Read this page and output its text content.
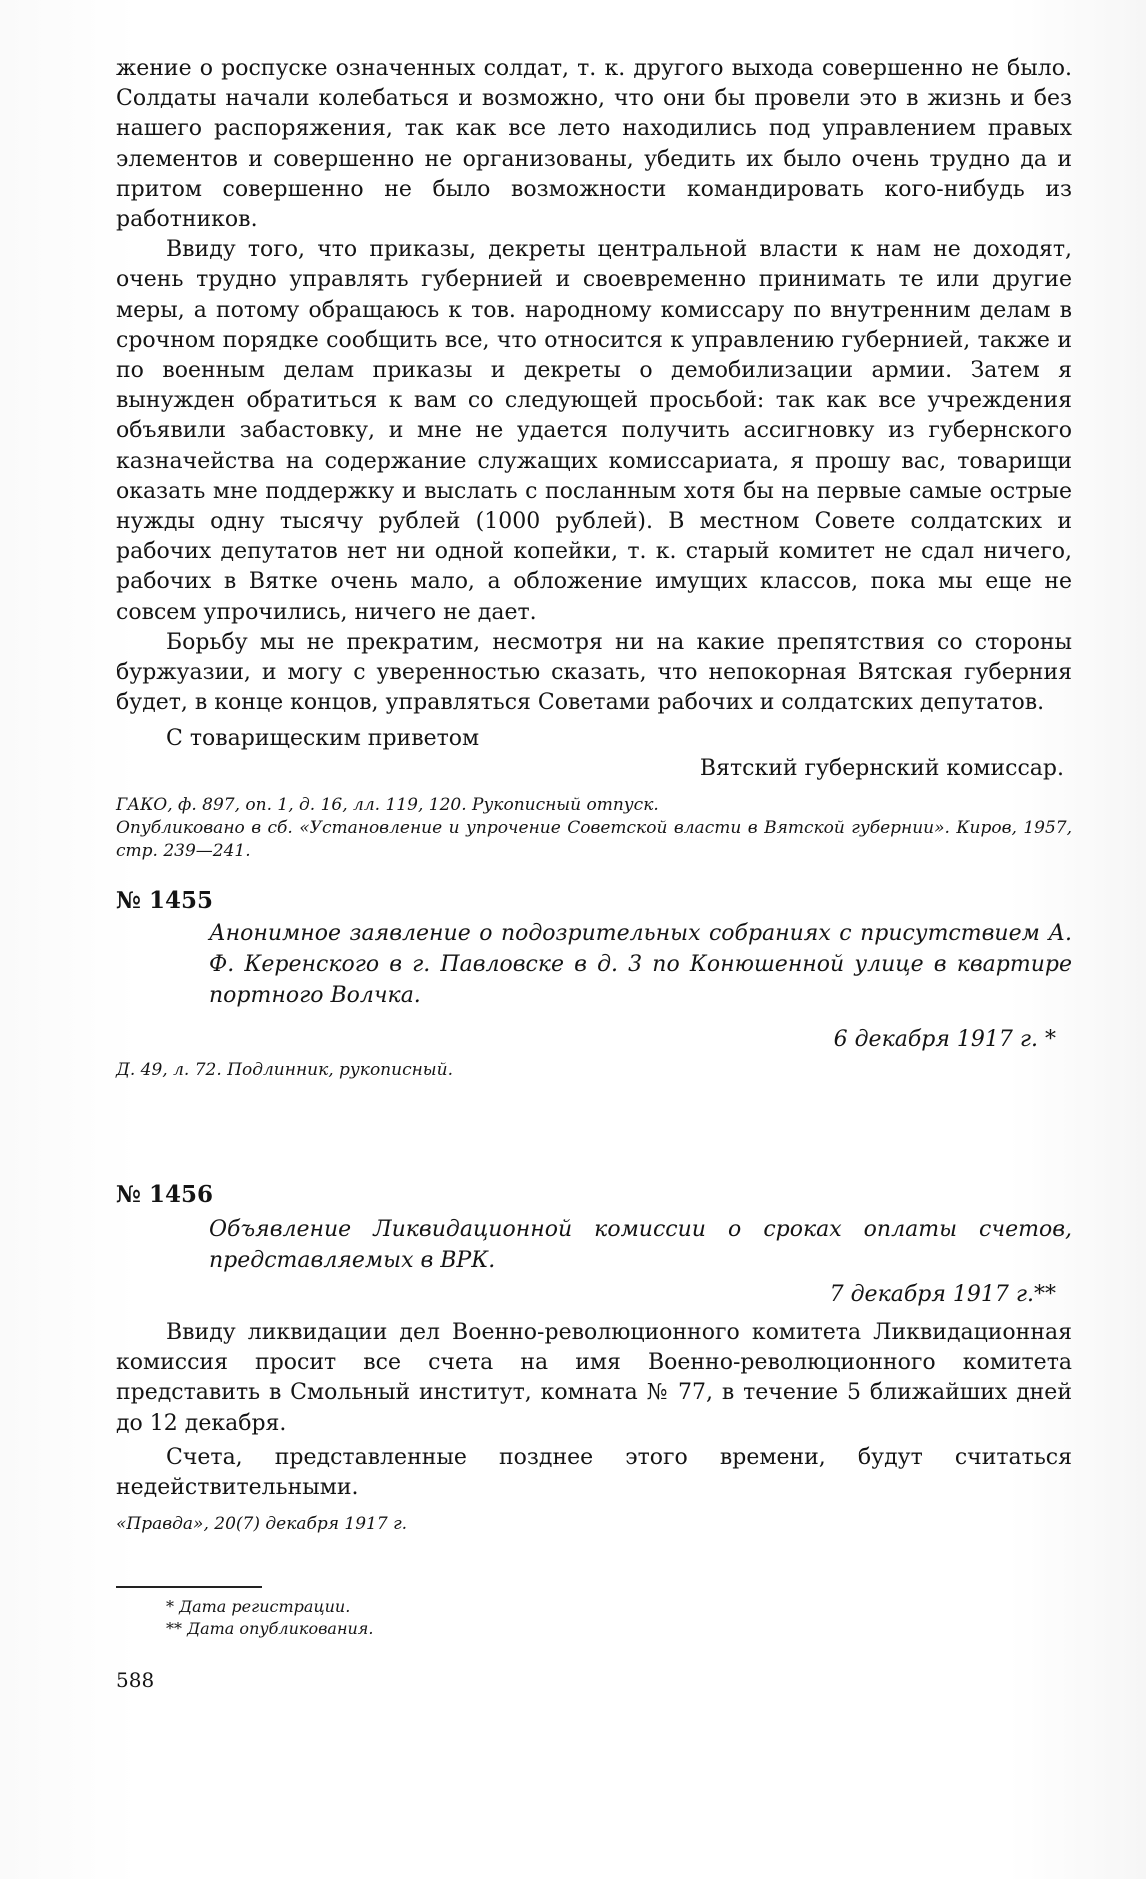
жение о роспуске означенных солдат, т. к. другого выхода совершенно не было. Солдаты начали колебаться и возможно, что они бы провели это в жизнь и без нашего распоряжения, так как все лето находились под управлением правых элементов и совершенно не организованы, убедить их было очень трудно да и притом совершенно не было возможности командировать кого-нибудь из работников.

Ввиду того, что приказы, декреты центральной власти к нам не доходят, очень трудно управлять губернией и своевременно принимать те или другие меры, а потому обращаюсь к тов. народному комиссару по внутренним делам в срочном порядке сообщить все, что относится к управлению губернией, также и по военным делам приказы и декреты о демобилизации армии. Затем я вынужден обратиться к вам со следующей просьбой: так как все учреждения объявили забастовку, и мне не удается получить ассигновку из губернского казначейства на содержание служащих комиссариата, я прошу вас, товарищи оказать мне поддержку и выслать с посланным хотя бы на первые самые острые нужды одну тысячу рублей (1000 рублей). В местном Совете солдатских и рабочих депутатов нет ни одной копейки, т. к. старый комитет не сдал ничего, рабочих в Вятке очень мало, а обложение имущих классов, пока мы еще не совсем упрочились, ничего не дает.

Борьбу мы не прекратим, несмотря ни на какие препятствия со стороны буржуазии, и могу с уверенностью сказать, что непокорная Вятская губерния будет, в конце концов, управляться Советами рабочих и солдатских депутатов.

С товарищеским приветом

Вятский губернский комиссар.

ГАКО, ф. 897, оп. 1, д. 16, лл. 119, 120. Рукописный отпуск.

Опубликовано в сб. «Установление и упрочение Советской власти в Вятской губернии». Киров, 1957, стр. 239—241.

№ 1455

Анонимное заявление о подозрительных собраниях с присутствием А. Ф. Керенского в г. Павловске в д. 3 по Конюшенной улице в квартире портного Волчка.

6 декабря 1917 г. *

Д. 49, л. 72. Подлинник, рукописный.

№ 1456

Объявление Ликвидационной комиссии о сроках оплаты счетов, представляемых в ВРК.

7 декабря 1917 г.**

Ввиду ликвидации дел Военно-революционного комитета Ликвидационная комиссия просит все счета на имя Военно-революционного комитета представить в Смольный институт, комната № 77, в течение 5 ближайших дней до 12 декабря.

Счета, представленные позднее этого времени, будут считаться недействительными.

«Правда», 20(7) декабря 1917 г.

* Дата регистрации.

** Дата опубликования.

588
